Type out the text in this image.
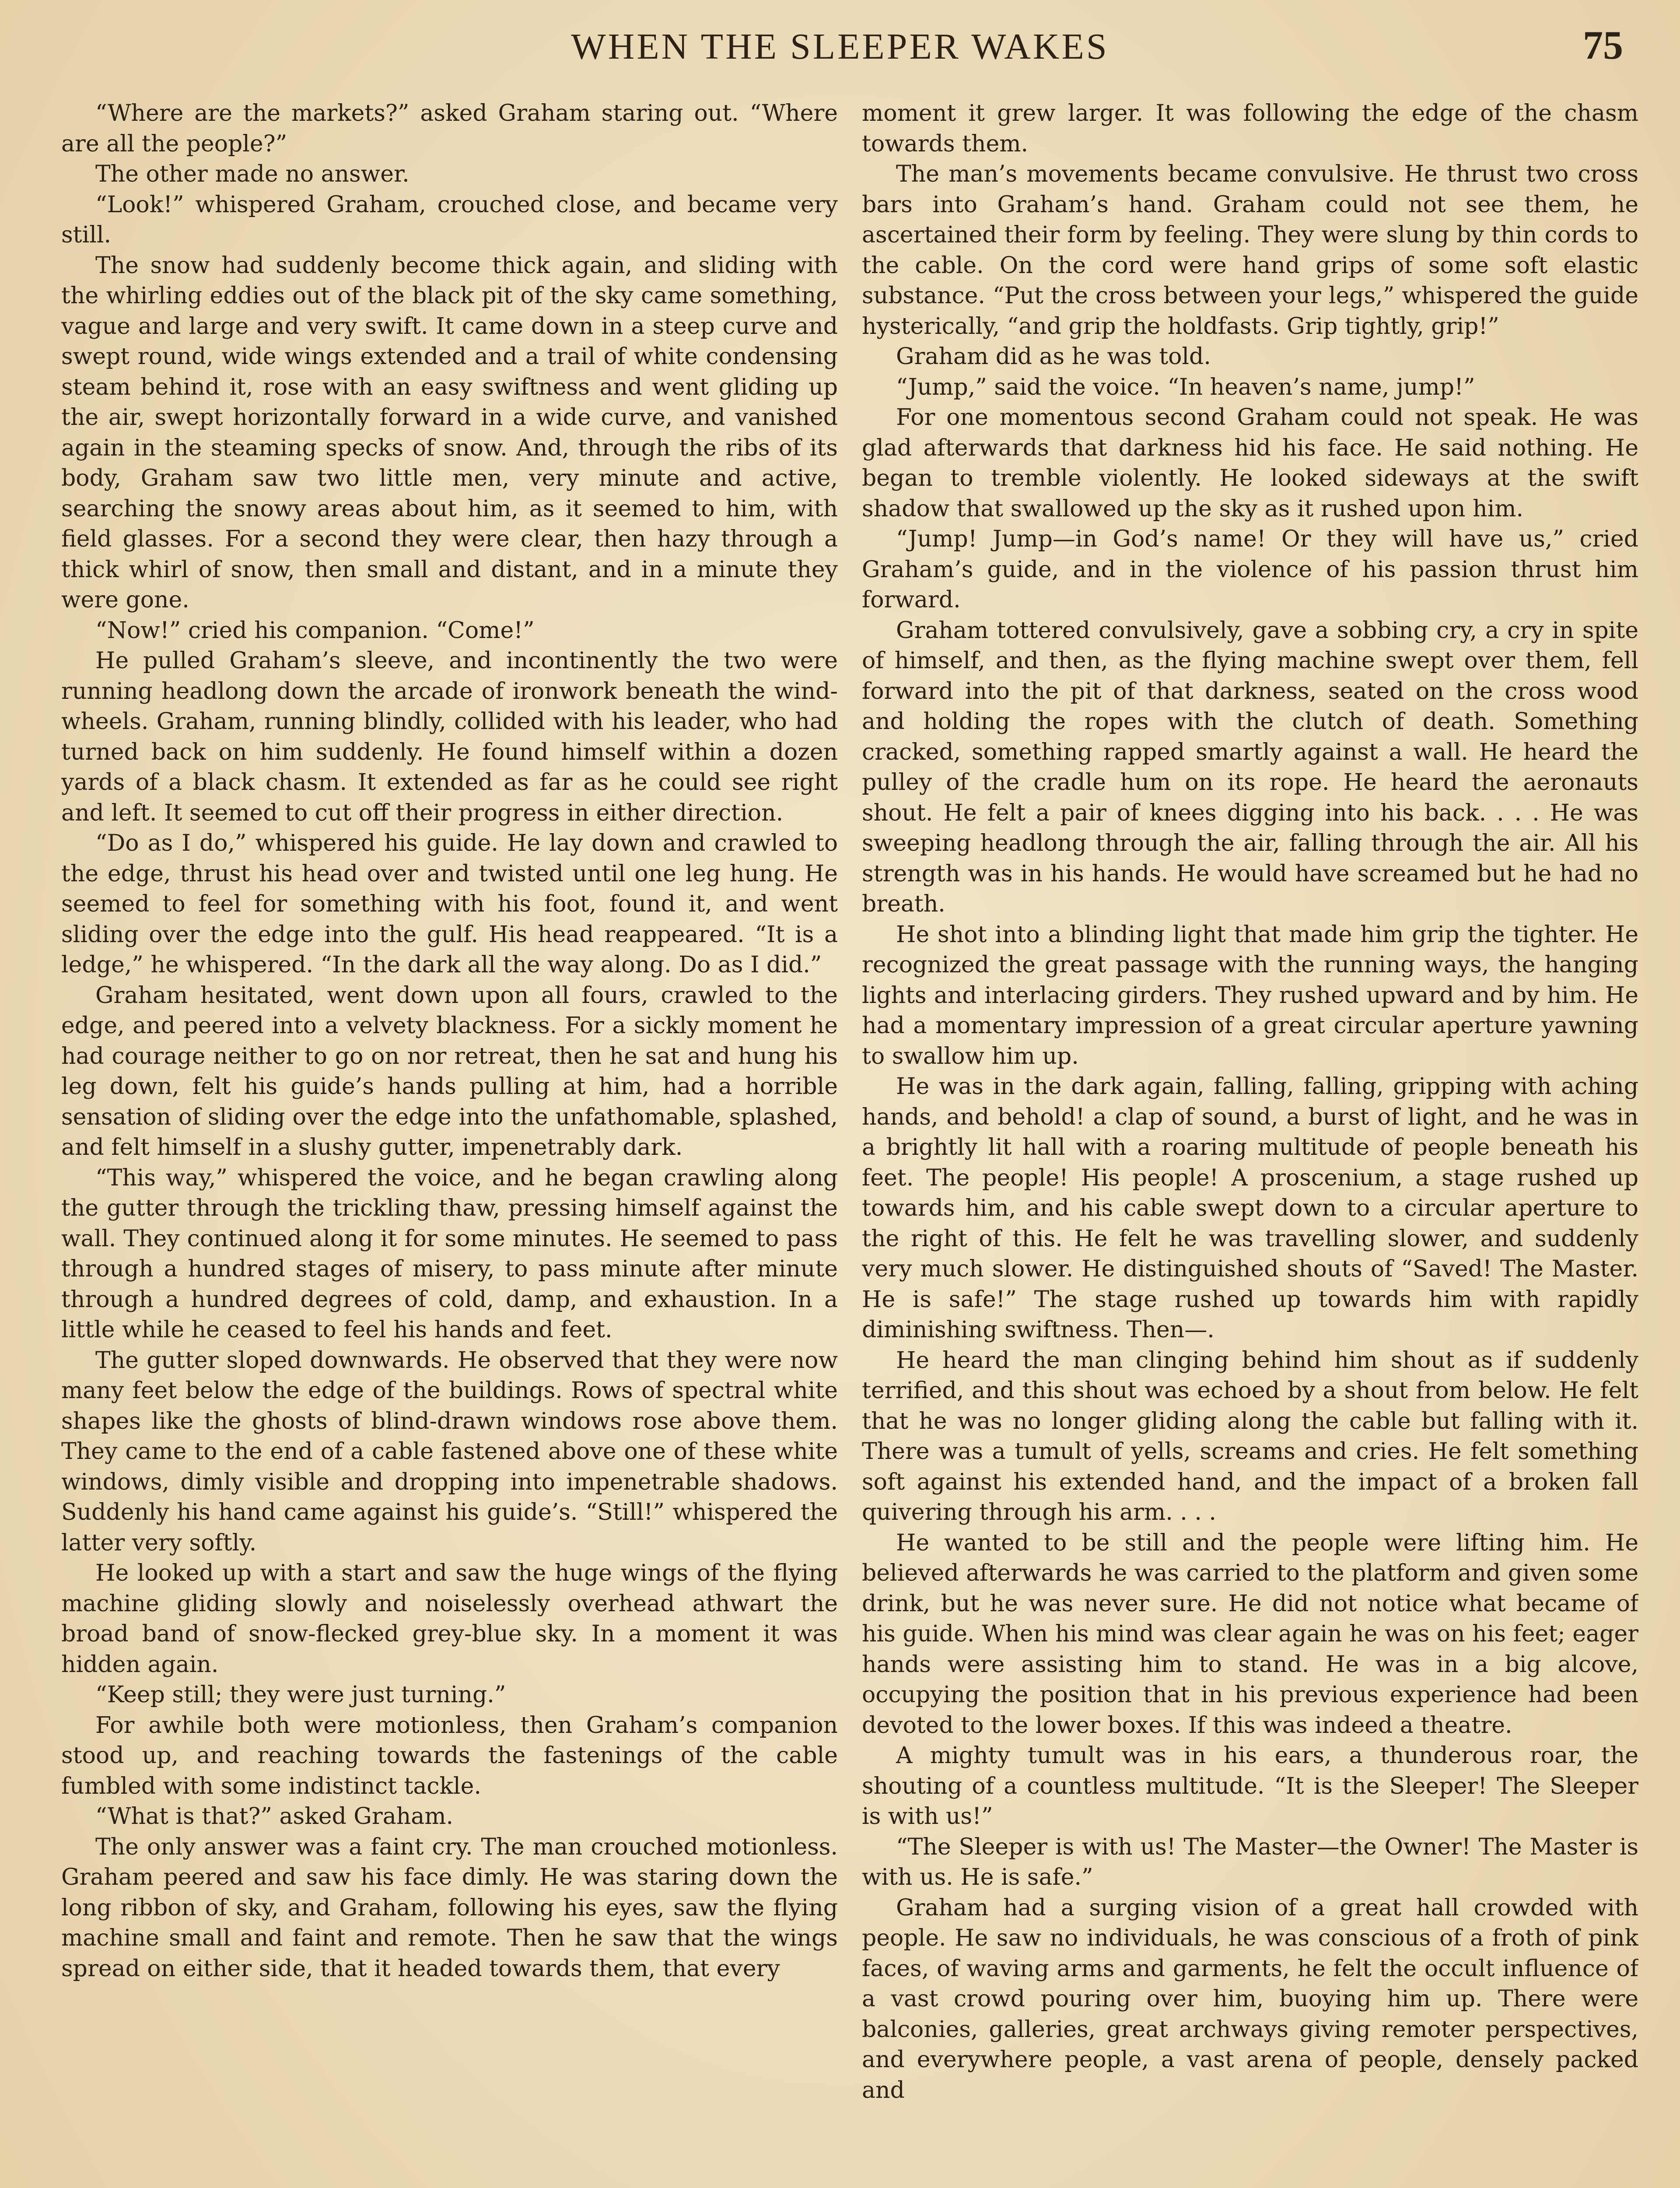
WHEN THE SLEEPER WAKES	75

“Where are the markets?” asked Graham staring out. “Where are all the people?”

The other made no answer.

“Look!” whispered Graham, crouched close, and became very still.

The snow had suddenly become thick again, and sliding with the whirling eddies out of the black pit of the sky came something, vague and large and very swift. It came down in a steep curve and swept round, wide wings extended and a trail of white condensing steam behind it, rose with an easy swiftness and went gliding up the air, swept horizontally forward in a wide curve, and vanished again in the steaming specks of snow. And, through the ribs of its body, Graham saw two little men, very minute and active, searching the snowy areas about him, as it seemed to him, with field glasses. For a second they were clear, then hazy through a thick whirl of snow, then small and distant, and in a minute they were gone.

“Now!” cried his companion. “Come!”

He pulled Graham’s sleeve, and incontinently the two were running headlong down the arcade of ironwork beneath the wind-wheels. Graham, running blindly, collided with his leader, who had turned back on him suddenly. He found himself within a dozen yards of a black chasm. It extended as far as he could see right and left. It seemed to cut off their progress in either direction.

“Do as I do,” whispered his guide. He lay down and crawled to the edge, thrust his head over and twisted until one leg hung. He seemed to feel for something with his foot, found it, and went sliding over the edge into the gulf. His head reappeared. “It is a ledge,” he whispered. “In the dark all the way along. Do as I did.”

Graham hesitated, went down upon all fours, crawled to the edge, and peered into a velvety blackness. For a sickly moment he had courage neither to go on nor retreat, then he sat and hung his leg down, felt his guide’s hands pulling at him, had a horrible sensation of sliding over the edge into the unfathomable, splashed, and felt himself in a slushy gutter, impenetrably dark.

“This way,” whispered the voice, and he began crawling along the gutter through the trickling thaw, pressing himself against the wall. They continued along it for some minutes. He seemed to pass through a hundred stages of misery, to pass minute after minute through a hundred degrees of cold, damp, and exhaustion. In a little while he ceased to feel his hands and feet.

The gutter sloped downwards. He observed that they were now many feet below the edge of the buildings. Rows of spectral white shapes like the ghosts of blind-drawn windows rose above them. They came to the end of a cable fastened above one of these white windows, dimly visible and dropping into impenetrable shadows. Suddenly his hand came against his guide’s. “Still!” whispered the latter very softly.

He looked up with a start and saw the huge wings of the flying machine gliding slowly and noiselessly overhead athwart the broad band of snow-flecked grey-blue sky. In a moment it was hidden again.

“Keep still; they were just turning.”

For awhile both were motionless, then Graham’s companion stood up, and reaching towards the fastenings of the cable fumbled with some indistinct tackle.

“What is that?” asked Graham.

The only answer was a faint cry. The man crouched motionless. Graham peered and saw his face dimly. He was staring down the long ribbon of sky, and Graham, following his eyes, saw the flying machine small and faint and remote. Then he saw that the wings spread on either side, that it headed towards them, that every

moment it grew larger. It was following the edge of the chasm towards them.

The man’s movements became convulsive. He thrust two cross bars into Graham’s hand. Graham could not see them, he ascertained their form by feeling. They were slung by thin cords to the cable. On the cord were hand grips of some soft elastic substance. “Put the cross between your legs,” whispered the guide hysterically, “and grip the holdfasts. Grip tightly, grip!”

Graham did as he was told.

“Jump,” said the voice. “In heaven’s name, jump!”

For one momentous second Graham could not speak. He was glad afterwards that darkness hid his face. He said nothing. He began to tremble violently. He looked sideways at the swift shadow that swallowed up the sky as it rushed upon him.

“Jump! Jump—in God’s name! Or they will have us,” cried Graham’s guide, and in the violence of his passion thrust him forward.

Graham tottered convulsively, gave a sobbing cry, a cry in spite of himself, and then, as the flying machine swept over them, fell forward into the pit of that darkness, seated on the cross wood and holding the ropes with the clutch of death. Something cracked, something rapped smartly against a wall. He heard the pulley of the cradle hum on its rope. He heard the aeronauts shout. He felt a pair of knees digging into his back. . . . He was sweeping headlong through the air, falling through the air. All his strength was in his hands. He would have screamed but he had no breath.

He shot into a blinding light that made him grip the tighter. He recognized the great passage with the running ways, the hanging lights and interlacing girders. They rushed upward and by him. He had a momentary impression of a great circular aperture yawning to swallow him up.

He was in the dark again, falling, falling, gripping with aching hands, and behold! a clap of sound, a burst of light, and he was in a brightly lit hall with a roaring multitude of people beneath his feet. The people! His people! A proscenium, a stage rushed up towards him, and his cable swept down to a circular aperture to the right of this. He felt he was travelling slower, and suddenly very much slower. He distinguished shouts of “Saved! The Master. He is safe!” The stage rushed up towards him with rapidly diminishing swiftness. Then—.

He heard the man clinging behind him shout as if suddenly terrified, and this shout was echoed by a shout from below. He felt that he was no longer gliding along the cable but falling with it. There was a tumult of yells, screams and cries. He felt something soft against his extended hand, and the impact of a broken fall quivering through his arm. . . .

He wanted to be still and the people were lifting him. He believed afterwards he was carried to the platform and given some drink, but he was never sure. He did not notice what became of his guide. When his mind was clear again he was on his feet; eager hands were assisting him to stand. He was in a big alcove, occupying the position that in his previous experience had been devoted to the lower boxes. If this was indeed a theatre.

A mighty tumult was in his ears, a thunderous roar, the shouting of a countless multitude. “It is the Sleeper! The Sleeper is with us!”

“The Sleeper is with us! The Master—the Owner! The Master is with us. He is safe.”

Graham had a surging vision of a great hall crowded with people. He saw no individuals, he was conscious of a froth of pink faces, of waving arms and garments, he felt the occult influence of a vast crowd pouring over him, buoying him up. There were balconies, galleries, great archways giving remoter perspectives, and everywhere people, a vast arena of people, densely packed and
